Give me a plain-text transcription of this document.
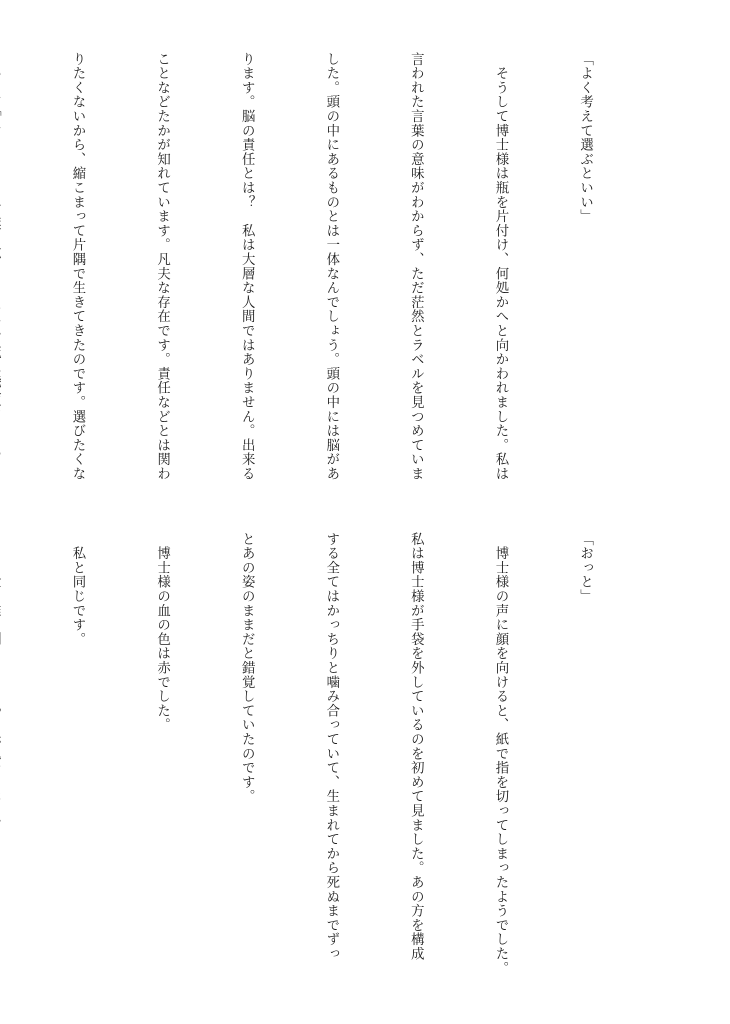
「よく考えて選ぶといい」

　そうして博士様は瓶を片付け、何処かへと向かわれました。私は

言われた言葉の意味がわからず、ただ茫然とラベルを見つめていま

した。頭の中にあるものとは一体なんでしょう。頭の中には脳があ

ります。脳の責任とは？　私は大層な人間ではありません。出来る

ことなどたかが知れています。凡夫な存在です。責任などとは関わ

りたくないから、縮こまって片隅で生きてきたのです。選びたくな

「おっと」

　博士様の声に顔を向けると、紙で指を切ってしまったようでした。

私は博士様が手袋を外しているのを初めて見ました。あの方を構成

する全てはかっちりと噛み合っていて、生まれてから死ぬまでずっ

とあの姿のままだと錯覚していたのです。

　博士様の血の色は赤でした。

　私と同じです。
